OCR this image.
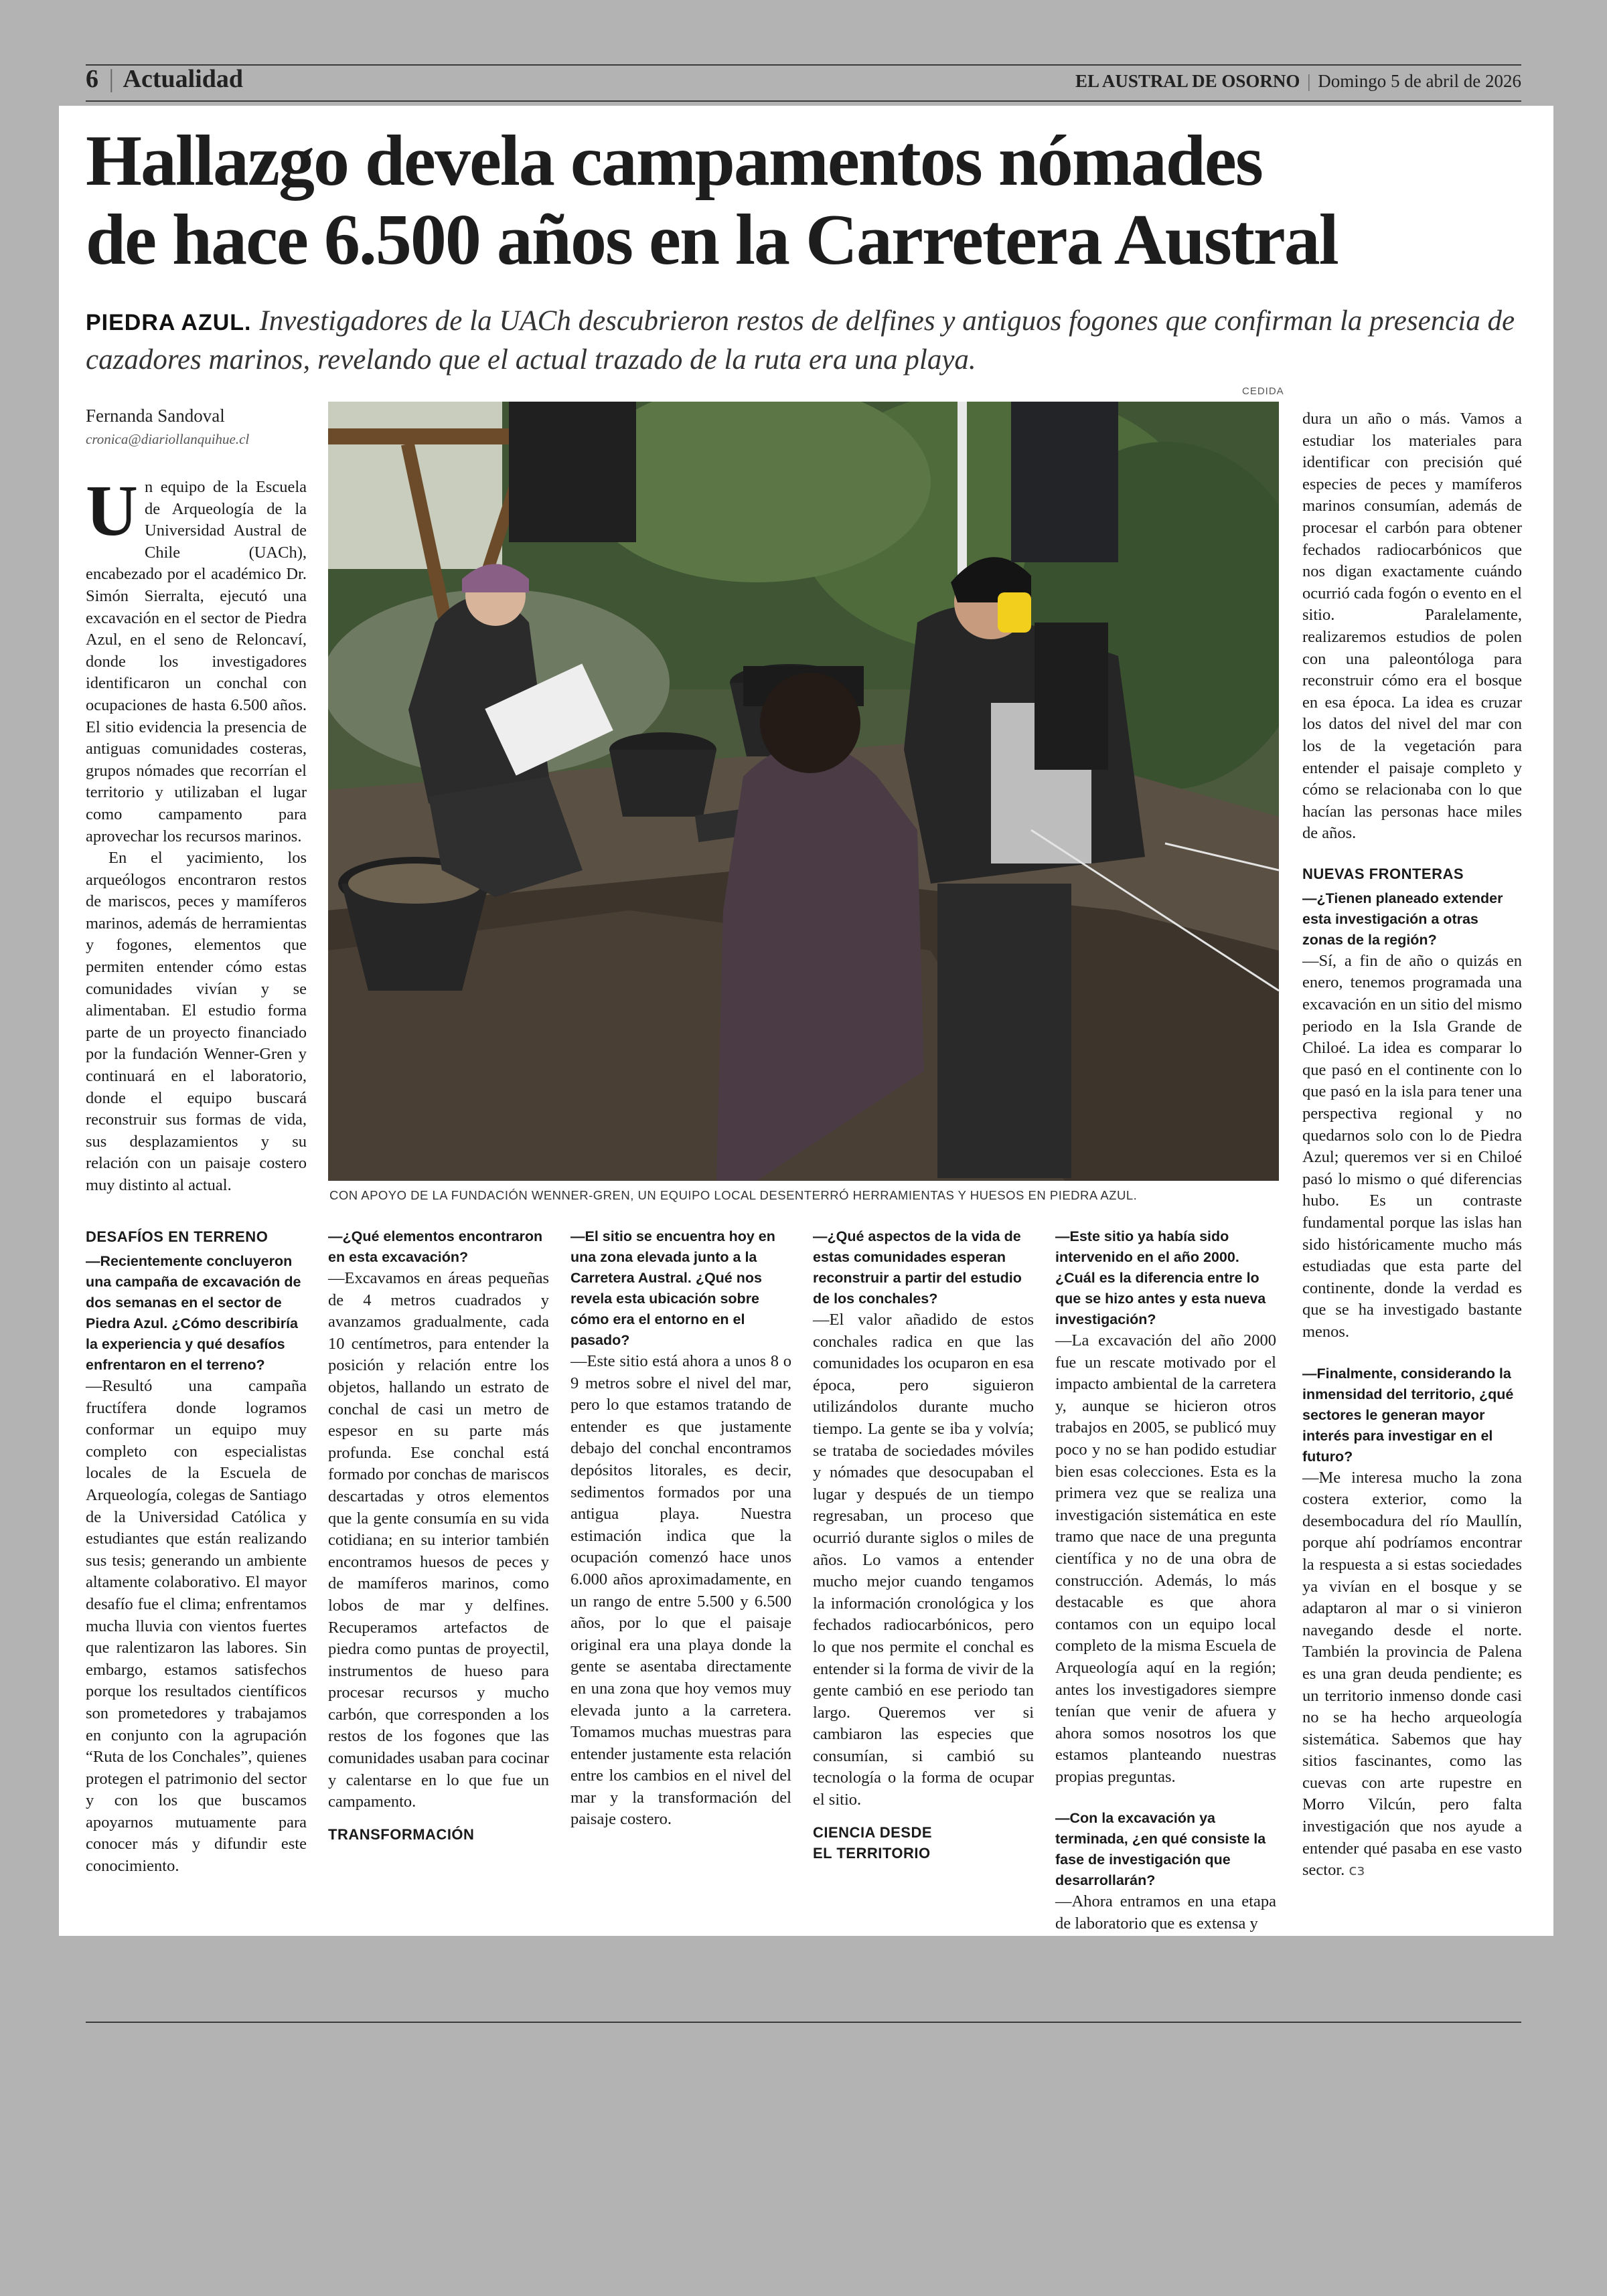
6 | Actualidad	EL AUSTRAL DE OSORNO | Domingo 5 de abril de 2026
Hallazgo devela campamentos nómades
de hace 6.500 años en la Carretera Austral
PIEDRA AZUL. Investigadores de la UACh descubrieron restos de delfines y antiguos fogones que confirman la presencia de cazadores marinos, revelando que el actual trazado de la ruta era una playa.
CEDIDA
Fernanda Sandoval
cronica@diariollanquihue.cl

Un equipo de la Escuela de Arqueología de la Universidad Austral de Chile (UACh), encabezado por el académico Dr. Simón Sierralta, ejecutó una excavación en el sector de Piedra Azul, en el seno de Reloncaví, donde los investigadores identificaron un conchal con ocupaciones de hasta 6.500 años. El sitio evidencia la presencia de antiguas comunidades costeras, grupos nómades que recorrían el territorio y utilizaban el lugar como campamento para aprovechar los recursos marinos.

En el yacimiento, los arqueólogos encontraron restos de mariscos, peces y mamíferos marinos, además de herramientas y fogones, elementos que permiten entender cómo estas comunidades vivían y se alimentaban. El estudio forma parte de un proyecto financiado por la fundación Wenner-Gren y continuará en el laboratorio, donde el equipo buscará reconstruir sus formas de vida, sus desplazamientos y su relación con un paisaje costero muy distinto al actual.

CON APOYO DE LA FUNDACIÓN WENNER-GREN, UN EQUIPO LOCAL DESENTERRÓ HERRAMIENTAS Y HUESOS EN PIEDRA AZUL.

DESAFÍOS EN TERRENO

—Recientemente concluyeron una campaña de excavación de dos semanas en el sector de Piedra Azul. ¿Cómo describiría la experiencia y qué desafíos enfrentaron en el terreno?

—Resultó una campaña fructífera donde logramos conformar un equipo muy completo con especialistas locales de la Escuela de Arqueología, colegas de Santiago de la Universidad Católica y estudiantes que están realizando sus tesis; generando un ambiente altamente colaborativo. El mayor desafío fue el clima; enfrentamos mucha lluvia con vientos fuertes que ralentizaron las labores. Sin embargo, estamos satisfechos porque los resultados científicos son prometedores y trabajamos en conjunto con la agrupación “Ruta de los Conchales”, quienes protegen el patrimonio del sector y con los que buscamos apoyarnos mutuamente para conocer más y difundir este conocimiento.

—¿Qué elementos encontraron en esta excavación?

—Excavamos en áreas pequeñas de 4 metros cuadrados y avanzamos gradualmente, cada 10 centímetros, para entender la posición y relación entre los objetos, hallando un estrato de conchal de casi un metro de espesor en su parte más profunda. Ese conchal está formado por conchas de mariscos descartadas y otros elementos que la gente consumía en su vida cotidiana; en su interior también encontramos huesos de peces y de mamíferos marinos, como lobos de mar y delfines. Recuperamos artefactos de piedra como puntas de proyectil, instrumentos de hueso para procesar recursos y mucho carbón, que corresponden a los restos de los fogones que las comunidades usaban para cocinar y calentarse en lo que fue un campamento.

TRANSFORMACIÓN

—El sitio se encuentra hoy en una zona elevada junto a la Carretera Austral. ¿Qué nos revela esta ubicación sobre cómo era el entorno en el pasado?

—Este sitio está ahora a unos 8 o 9 metros sobre el nivel del mar, pero lo que estamos tratando de entender es que justamente debajo del conchal encontramos depósitos litorales, es decir, sedimentos formados por una antigua playa. Nuestra estimación indica que la ocupación comenzó hace unos 6.000 años aproximadamente, en un rango de entre 5.500 y 6.500 años, por lo que el paisaje original era una playa donde la gente se asentaba directamente en una zona que hoy vemos muy elevada junto a la carretera. Tomamos muchas muestras para entender justamente esta relación entre los cambios en el nivel del mar y la transformación del paisaje costero.

—¿Qué aspectos de la vida de estas comunidades esperan reconstruir a partir del estudio de los conchales?

—El valor añadido de estos conchales radica en que las comunidades los ocuparon en esa época, pero siguieron utilizándolos durante mucho tiempo. La gente se iba y volvía; se trataba de sociedades móviles y nómades que desocupaban el lugar y después de un tiempo regresaban, un proceso que ocurrió durante siglos o miles de años. Lo vamos a entender mucho mejor cuando tengamos la información cronológica y los fechados radiocarbónicos, pero lo que nos permite el conchal es entender si la forma de vivir de la gente cambió en ese periodo tan largo. Queremos ver si cambiaron las especies que consumían, si cambió su tecnología o la forma de ocupar el sitio.

CIENCIA DESDE
EL TERRITORIO

—Este sitio ya había sido intervenido en el año 2000. ¿Cuál es la diferencia entre lo que se hizo antes y esta nueva investigación?

—La excavación del año 2000 fue un rescate motivado por el impacto ambiental de la carretera y, aunque se hicieron otros trabajos en 2005, se publicó muy poco y no se han podido estudiar bien esas colecciones. Esta es la primera vez que se realiza una investigación sistemática en este tramo que nace de una pregunta científica y no de una obra de construcción. Además, lo más destacable es que ahora contamos con un equipo local completo de la misma Escuela de Arqueología aquí en la región; antes los investigadores siempre tenían que venir de afuera y ahora somos nosotros los que estamos planteando nuestras propias preguntas.

—Con la excavación ya terminada, ¿en qué consiste la fase de investigación que desarrollarán?

—Ahora entramos en una etapa de laboratorio que es extensa y

dura un año o más. Vamos a estudiar los materiales para identificar con precisión qué especies de peces y mamíferos marinos consumían, además de procesar el carbón para obtener fechados radiocarbónicos que nos digan exactamente cuándo ocurrió cada fogón o evento en el sitio. Paralelamente, realizaremos estudios de polen con una paleontóloga para reconstruir cómo era el bosque en esa época. La idea es cruzar los datos del nivel del mar con los de la vegetación para entender el paisaje completo y cómo se relacionaba con lo que hacían las personas hace miles de años.

NUEVAS FRONTERAS

—¿Tienen planeado extender esta investigación a otras zonas de la región?

—Sí, a fin de año o quizás en enero, tenemos programada una excavación en un sitio del mismo periodo en la Isla Grande de Chiloé. La idea es comparar lo que pasó en el continente con lo que pasó en la isla para tener una perspectiva regional y no quedarnos solo con lo de Piedra Azul; queremos ver si en Chiloé pasó lo mismo o qué diferencias hubo. Es un contraste fundamental porque las islas han sido históricamente mucho más estudiadas que esta parte del continente, donde la verdad es que se ha investigado bastante menos.

—Finalmente, considerando la inmensidad del territorio, ¿qué sectores le generan mayor interés para investigar en el futuro?

—Me interesa mucho la zona costera exterior, como la desembocadura del río Maullín, porque ahí podríamos encontrar la respuesta a si estas sociedades ya vivían en el bosque y se adaptaron al mar o si vinieron navegando desde el norte. También la provincia de Palena es una gran deuda pendiente; es un territorio inmenso donde casi no se ha hecho arqueología sistemática. Sabemos que hay sitios fascinantes, como las cuevas con arte rupestre en Morro Vilcún, pero falta investigación que nos ayude a entender qué pasaba en ese vasto sector. ᴄɜ
